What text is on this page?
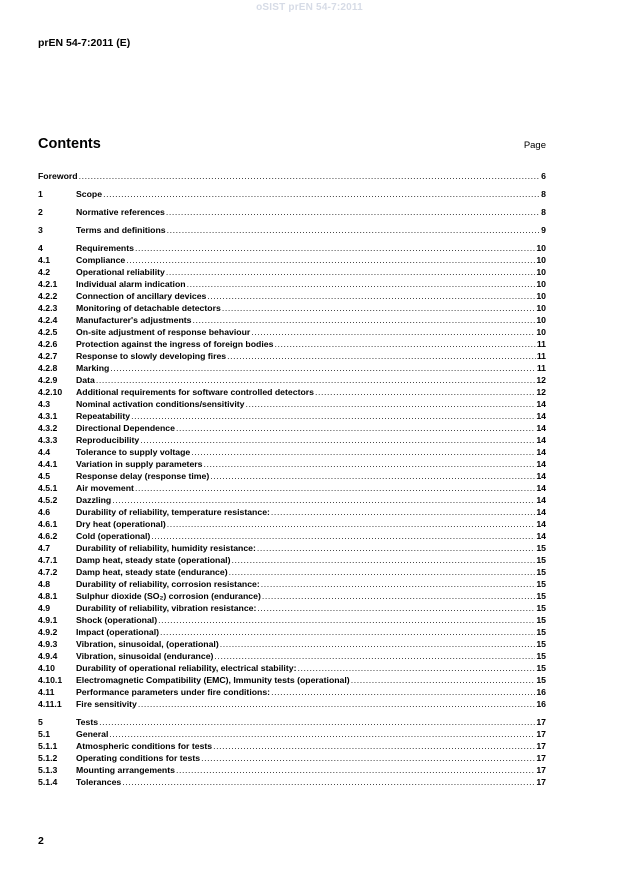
oSIST prEN 54-7:2011
prEN 54-7:2011 (E)
Contents	Page
Foreword .....	6
1	Scope .....	8
2	Normative references .....	8
3	Terms and definitions .....	9
4	Requirements .....	10
4.1	Compliance .....	10
4.2	Operational reliability .....	10
4.2.1	Individual alarm indication .....	10
4.2.2	Connection of ancillary devices .....	10
4.2.3	Monitoring of detachable detectors .....	10
4.2.4	Manufacturer's adjustments .....	10
4.2.5	On-site adjustment of response behaviour .....	10
4.2.6	Protection against the ingress of foreign bodies .....	11
4.2.7	Response to slowly developing fires .....	11
4.2.8	Marking .....	11
4.2.9	Data .....	12
4.2.10	Additional requirements for software controlled detectors .....	12
4.3	Nominal activation conditions/sensitivity .....	14
4.3.1	Repeatability .....	14
4.3.2	Directional Dependence .....	14
4.3.3	Reproducibility .....	14
4.4	Tolerance to supply voltage .....	14
4.4.1	Variation in supply parameters .....	14
4.5	Response delay (response time) .....	14
4.5.1	Air movement .....	14
4.5.2	Dazzling .....	14
4.6	Durability of reliability, temperature resistance: .....	14
4.6.1	Dry heat (operational) .....	14
4.6.2	Cold (operational) .....	14
4.7	Durability of reliability, humidity resistance: .....	15
4.7.1	Damp heat, steady state (operational) .....	15
4.7.2	Damp heat, steady state (endurance) .....	15
4.8	Durability of reliability, corrosion resistance: .....	15
4.8.1	Sulphur dioxide (SO₂) corrosion (endurance) .....	15
4.9	Durability of reliability, vibration resistance: .....	15
4.9.1	Shock (operational) .....	15
4.9.2	Impact (operational) .....	15
4.9.3	Vibration, sinusoidal, (operational) .....	15
4.9.4	Vibration, sinusoidal (endurance) .....	15
4.10	Durability of operational reliability, electrical stability: .....	15
4.10.1	Electromagnetic Compatibility (EMC), Immunity tests (operational) .....	15
4.11	Performance parameters under fire conditions: .....	16
4.11.1	Fire sensitivity .....	16
5	Tests .....	17
5.1	General .....	17
5.1.1	Atmospheric conditions for tests .....	17
5.1.2	Operating conditions for tests .....	17
5.1.3	Mounting arrangements .....	17
5.1.4	Tolerances .....	17
2
